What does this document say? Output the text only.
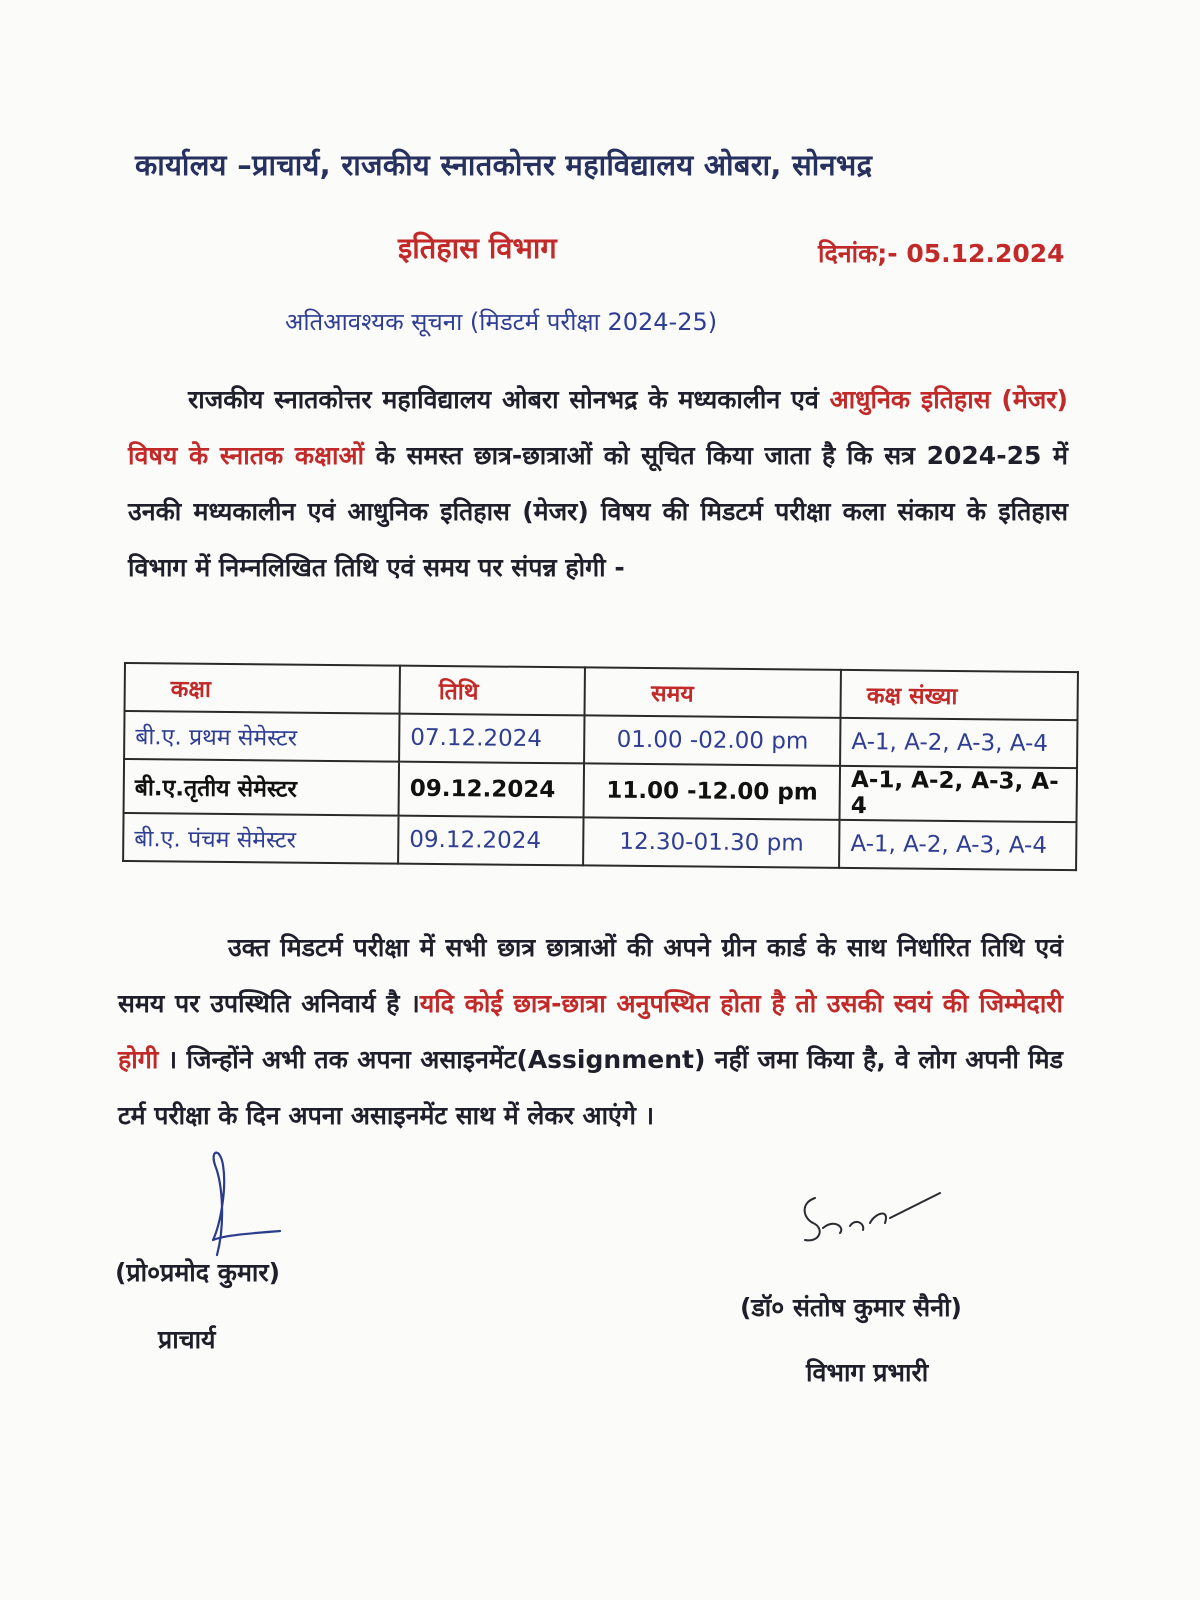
कार्यालय –प्राचार्य, राजकीय स्नातकोत्तर महाविद्यालय ओबरा, सोनभद्र
इतिहास विभाग	दिनांक;- 05.12.2024
अतिआवश्यक सूचना (मिडटर्म परीक्षा 2024-25)
राजकीय स्नातकोत्तर महाविद्यालय ओबरा सोनभद्र के मध्यकालीन एवं आधुनिक इतिहास (मेजर) विषय के स्नातक कक्षाओं के समस्त छात्र-छात्राओं को सूचित किया जाता है कि सत्र 2024-25 में उनकी मध्यकालीन एवं आधुनिक इतिहास (मेजर) विषय की मिडटर्म परीक्षा कला संकाय के इतिहास विभाग में निम्नलिखित तिथि एवं समय पर संपन्न होगी -
कक्षा	तिथि	समय	कक्ष संख्या
बी.ए. प्रथम सेमेस्टर	07.12.2024	01.00 -02.00 pm	A-1, A-2, A-3, A-4
बी.ए.तृतीय सेमेस्टर	09.12.2024	11.00 -12.00 pm	A-1, A-2, A-3, A-4
बी.ए. पंचम सेमेस्टर	09.12.2024	12.30-01.30 pm	A-1, A-2, A-3, A-4
उक्त मिडटर्म परीक्षा में सभी छात्र छात्राओं की अपने ग्रीन कार्ड के साथ निर्धारित तिथि एवं समय पर उपस्थिति अनिवार्य है ।यदि कोई छात्र-छात्रा अनुपस्थित होता है तो उसकी स्वयं की जिम्मेदारी होगी । जिन्होंने अभी तक अपना असाइनमेंट(Assignment) नहीं जमा किया है, वे लोग अपनी मिड टर्म परीक्षा के दिन अपना असाइनमेंट साथ में लेकर आएंगे ।
(प्रो०प्रमोद कुमार)
प्राचार्य
(डॉ० संतोष कुमार सैनी)
विभाग प्रभारी
